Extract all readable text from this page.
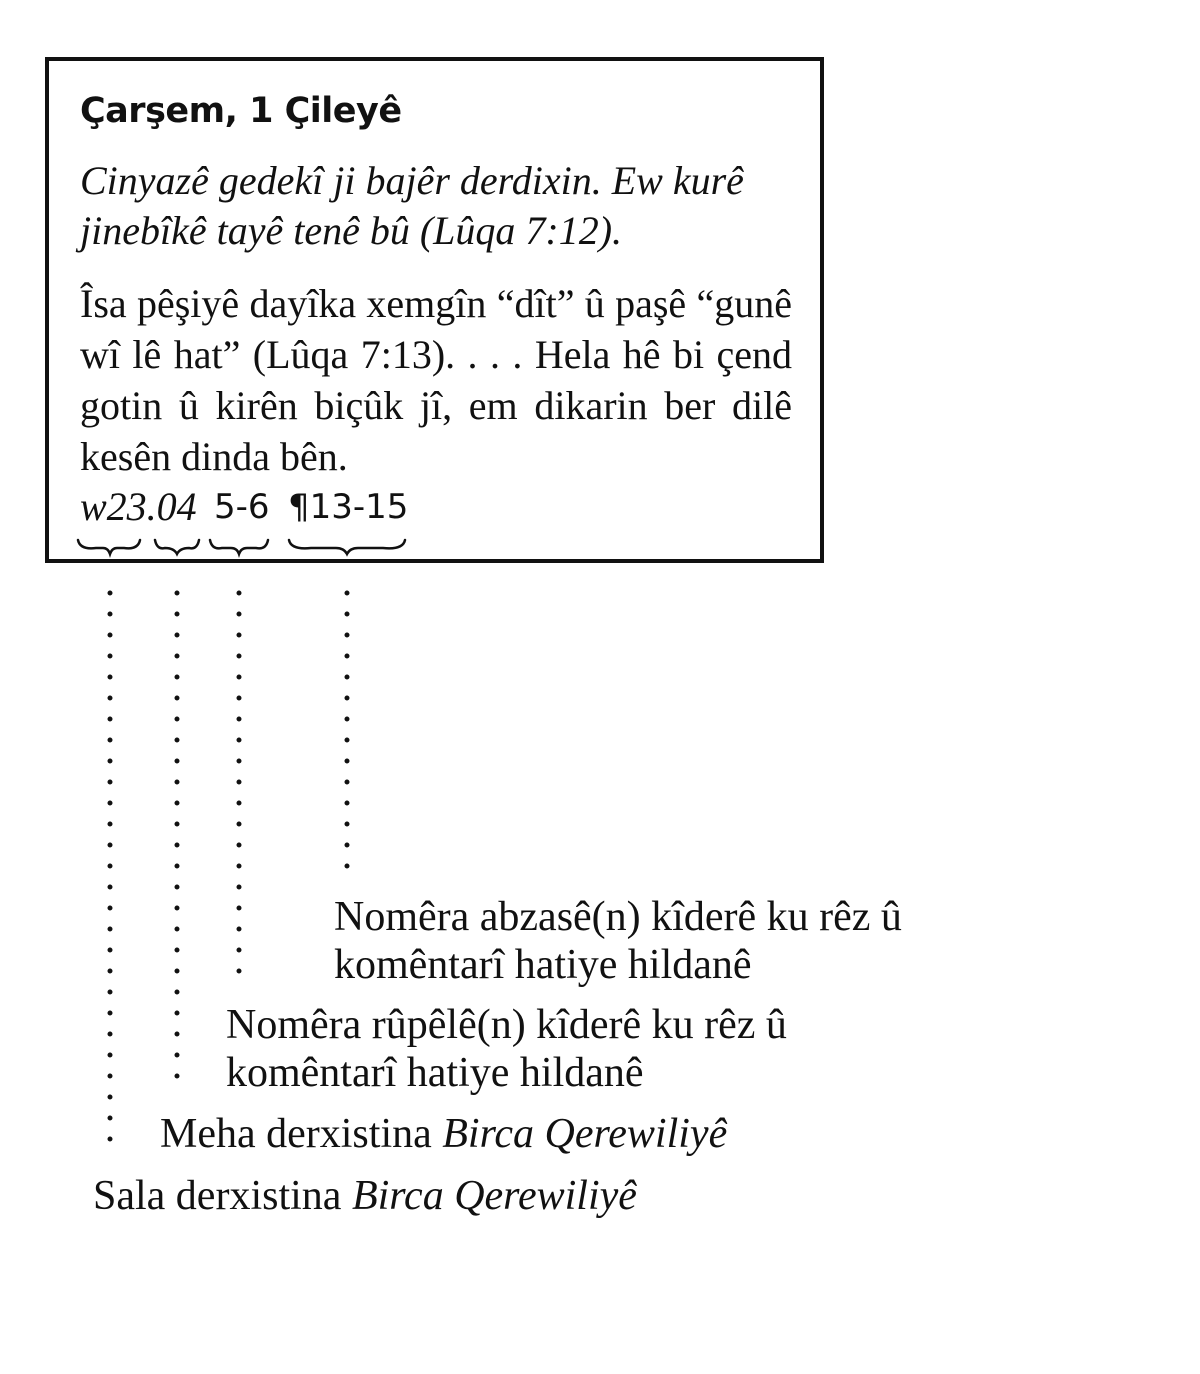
Çarşem, 1 Çileyê

Cinyazê gedekî ji bajêr derdixin. Ew kurê jinebîkê tayê tenê bû (Lûqa 7:12).

Îsa pêşiyê dayîka xemgîn “dît” û paşê “gunê wî lê hat” (Lûqa 7:13). . . . Hela hê bi çend gotin û kirên biçûk jî, em dikarin ber dilê kesên dinda bên.

w23.04 5-6 ¶13-15

Nomêra abzasê(n) kîderê ku rêz û
komêntarî hatiye hildanê

Nomêra rûpêlê(n) kîderê ku rêz û
komêntarî hatiye hildanê

Meha derxistina Birca Qerewiliyê

Sala derxistina Birca Qerewiliyê
